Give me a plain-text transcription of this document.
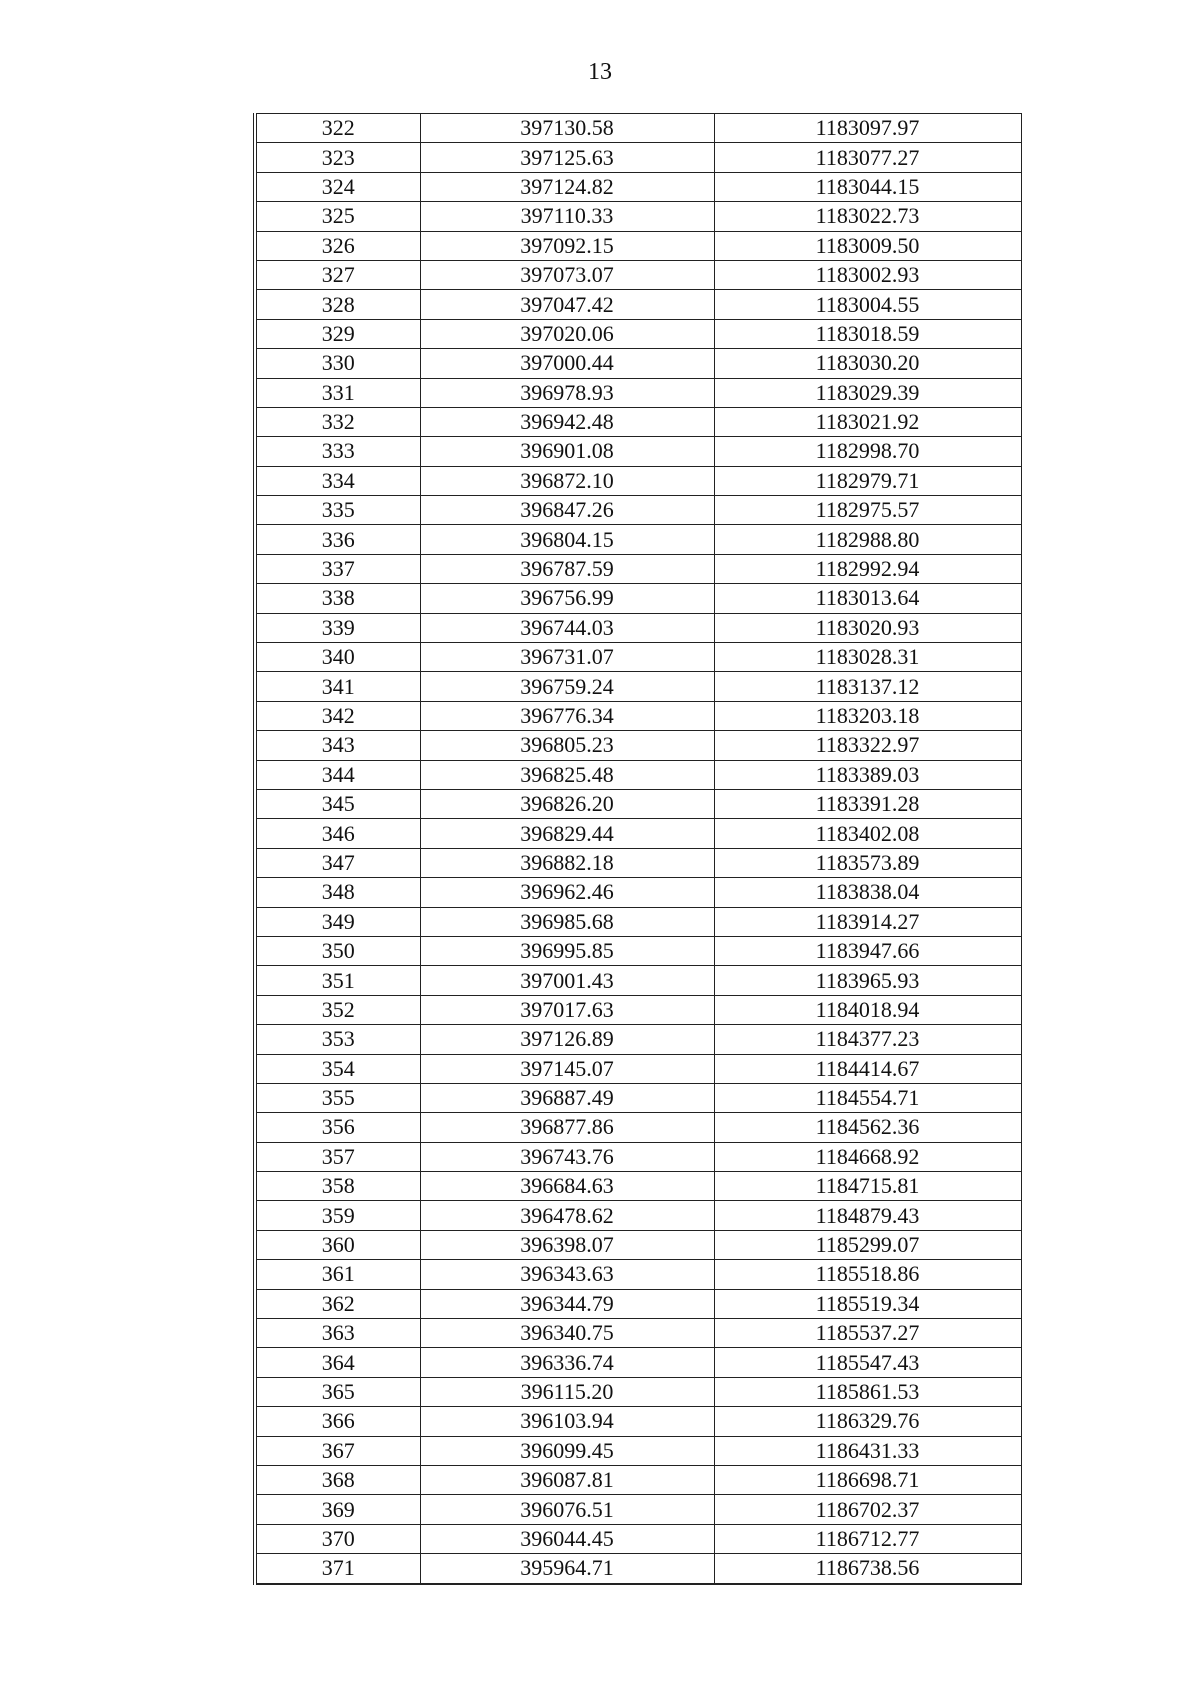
13
322	397130.58	1183097.97
323	397125.63	1183077.27
324	397124.82	1183044.15
325	397110.33	1183022.73
326	397092.15	1183009.50
327	397073.07	1183002.93
328	397047.42	1183004.55
329	397020.06	1183018.59
330	397000.44	1183030.20
331	396978.93	1183029.39
332	396942.48	1183021.92
333	396901.08	1182998.70
334	396872.10	1182979.71
335	396847.26	1182975.57
336	396804.15	1182988.80
337	396787.59	1182992.94
338	396756.99	1183013.64
339	396744.03	1183020.93
340	396731.07	1183028.31
341	396759.24	1183137.12
342	396776.34	1183203.18
343	396805.23	1183322.97
344	396825.48	1183389.03
345	396826.20	1183391.28
346	396829.44	1183402.08
347	396882.18	1183573.89
348	396962.46	1183838.04
349	396985.68	1183914.27
350	396995.85	1183947.66
351	397001.43	1183965.93
352	397017.63	1184018.94
353	397126.89	1184377.23
354	397145.07	1184414.67
355	396887.49	1184554.71
356	396877.86	1184562.36
357	396743.76	1184668.92
358	396684.63	1184715.81
359	396478.62	1184879.43
360	396398.07	1185299.07
361	396343.63	1185518.86
362	396344.79	1185519.34
363	396340.75	1185537.27
364	396336.74	1185547.43
365	396115.20	1185861.53
366	396103.94	1186329.76
367	396099.45	1186431.33
368	396087.81	1186698.71
369	396076.51	1186702.37
370	396044.45	1186712.77
371	395964.71	1186738.56
